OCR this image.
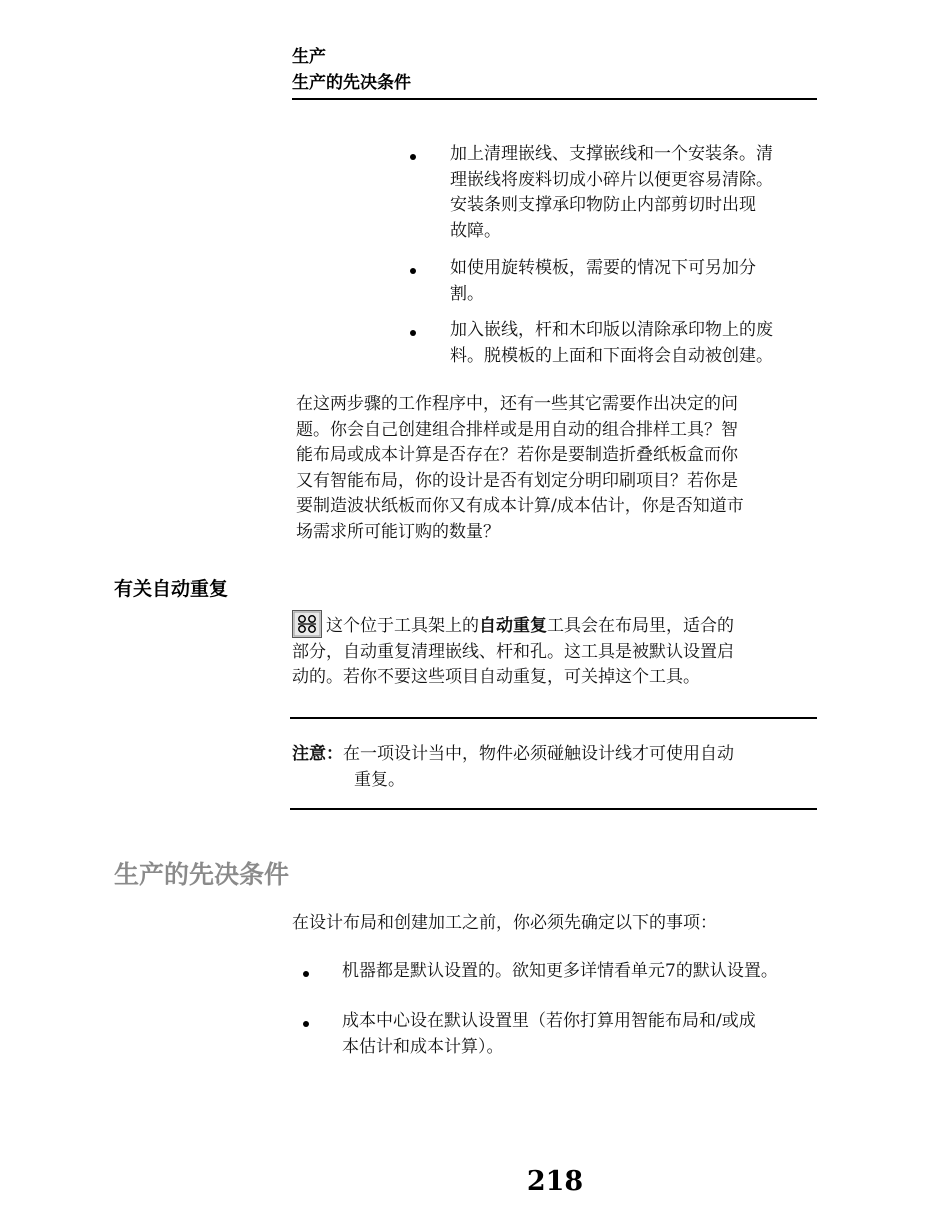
生产
生产的先决条件
加上清理嵌线、支撑嵌线和一个安装条。清
理嵌线将废料切成小碎片以便更容易清除。
安装条则支撑承印物防止内部剪切时出现
故障。
如使用旋转模板，需要的情况下可另加分
割。
加入嵌线，杆和木印版以清除承印物上的废
料。脱模板的上面和下面将会自动被创建。
在这两步骤的工作程序中，还有一些其它需要作出决定的问
题。你会自己创建组合排样或是用自动的组合排样工具？智
能布局或成本计算是否存在？若你是要制造折叠纸板盒而你
又有智能布局，你的设计是否有划定分明印刷项目？若你是
要制造波状纸板而你又有成本计算/成本估计，你是否知道市
场需求所可能订购的数量？
有关自动重复
这个位于工具架上的自动重复工具会在布局里，适合的
部分，自动重复清理嵌线、杆和孔。这工具是被默认设置启
动的。若你不要这些项目自动重复，可关掉这个工具。
注意：在一项设计当中，物件必须碰触设计线才可使用自动
重复。
生产的先决条件
在设计布局和创建加工之前，你必须先确定以下的事项：
机器都是默认设置的。欲知更多详情看单元7的默认设置。
成本中心设在默认设置里（若你打算用智能布局和/或成
本估计和成本计算）。
218
